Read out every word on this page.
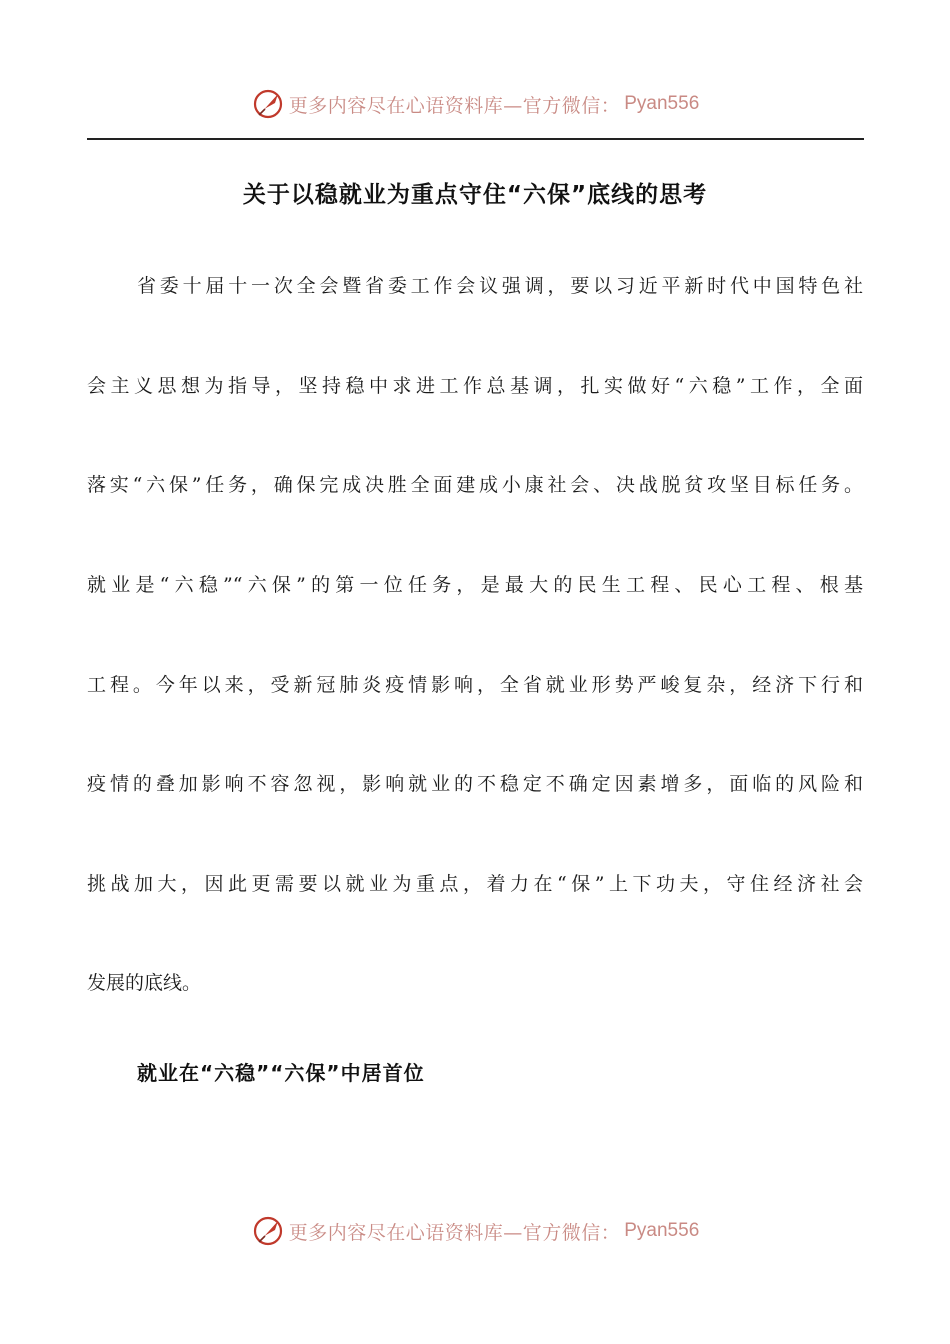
更多内容尽在心语资料库—官方微信： Pyan556
关于以稳就业为重点守住“六保”底线的思考
省委十届十一次全会暨省委工作会议强调，要以习近平新时代中国特色社
会主义思想为指导，坚持稳中求进工作总基调，扎实做好“六稳”工作，全面
落实“六保”任务，确保完成决胜全面建成小康社会、决战脱贫攻坚目标任务。
就业是“六稳”“六保”的第一位任务，是最大的民生工程、民心工程、根基
工程。今年以来，受新冠肺炎疫情影响，全省就业形势严峻复杂，经济下行和
疫情的叠加影响不容忽视，影响就业的不稳定不确定因素增多，面临的风险和
挑战加大，因此更需要以就业为重点，着力在“保”上下功夫，守住经济社会
发展的底线。
就业在“六稳”“六保”中居首位
更多内容尽在心语资料库—官方微信： Pyan556
